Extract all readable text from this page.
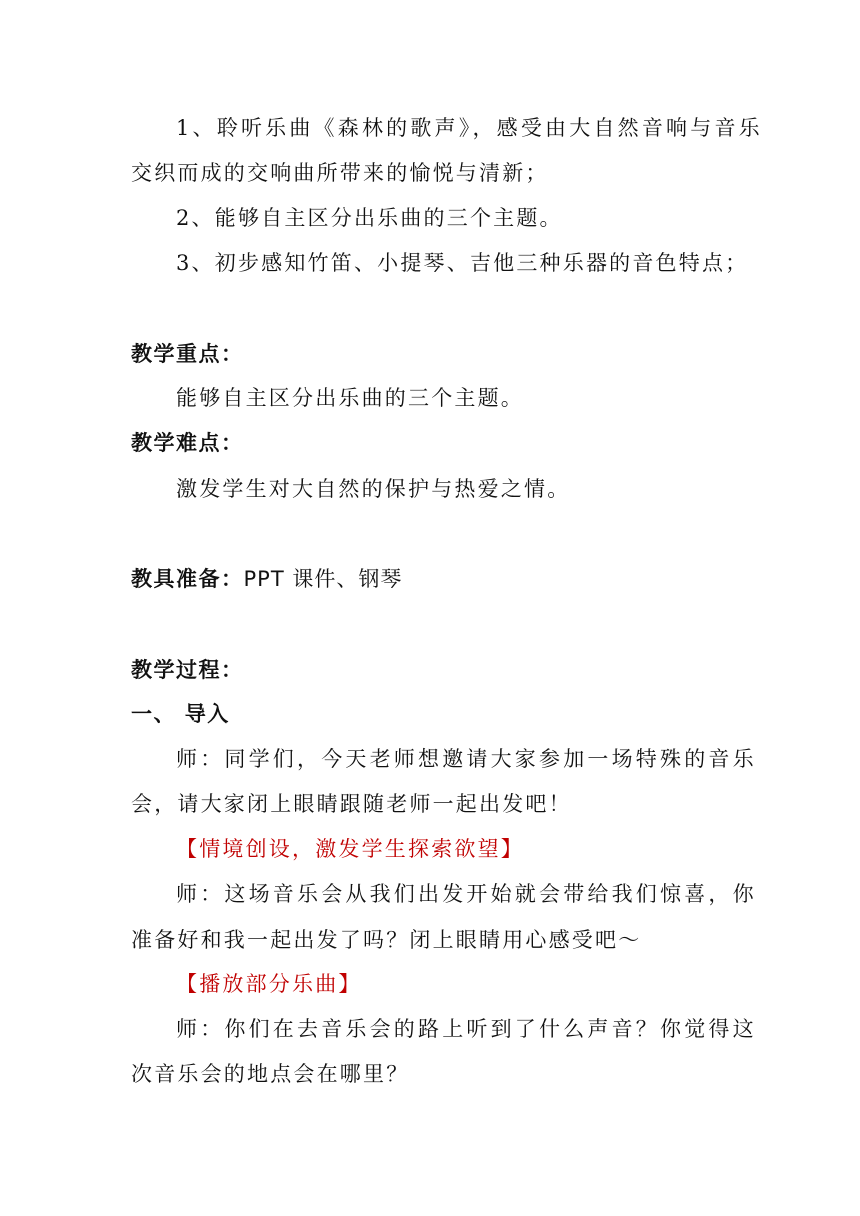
1、聆听乐曲《森林的歌声》，感受由大自然音响与音乐
交织而成的交响曲所带来的愉悦与清新；
2、能够自主区分出乐曲的三个主题。
3、初步感知竹笛、小提琴、吉他三种乐器的音色特点；
教学重点：
能够自主区分出乐曲的三个主题。
教学难点：
激发学生对大自然的保护与热爱之情。
教具准备：PPT 课件、钢琴
教学过程：
一、 导入
师：同学们，今天老师想邀请大家参加一场特殊的音乐
会，请大家闭上眼睛跟随老师一起出发吧！
【情境创设，激发学生探索欲望】
师：这场音乐会从我们出发开始就会带给我们惊喜，你
准备好和我一起出发了吗？闭上眼睛用心感受吧～
【播放部分乐曲】
师：你们在去音乐会的路上听到了什么声音？你觉得这
次音乐会的地点会在哪里？
